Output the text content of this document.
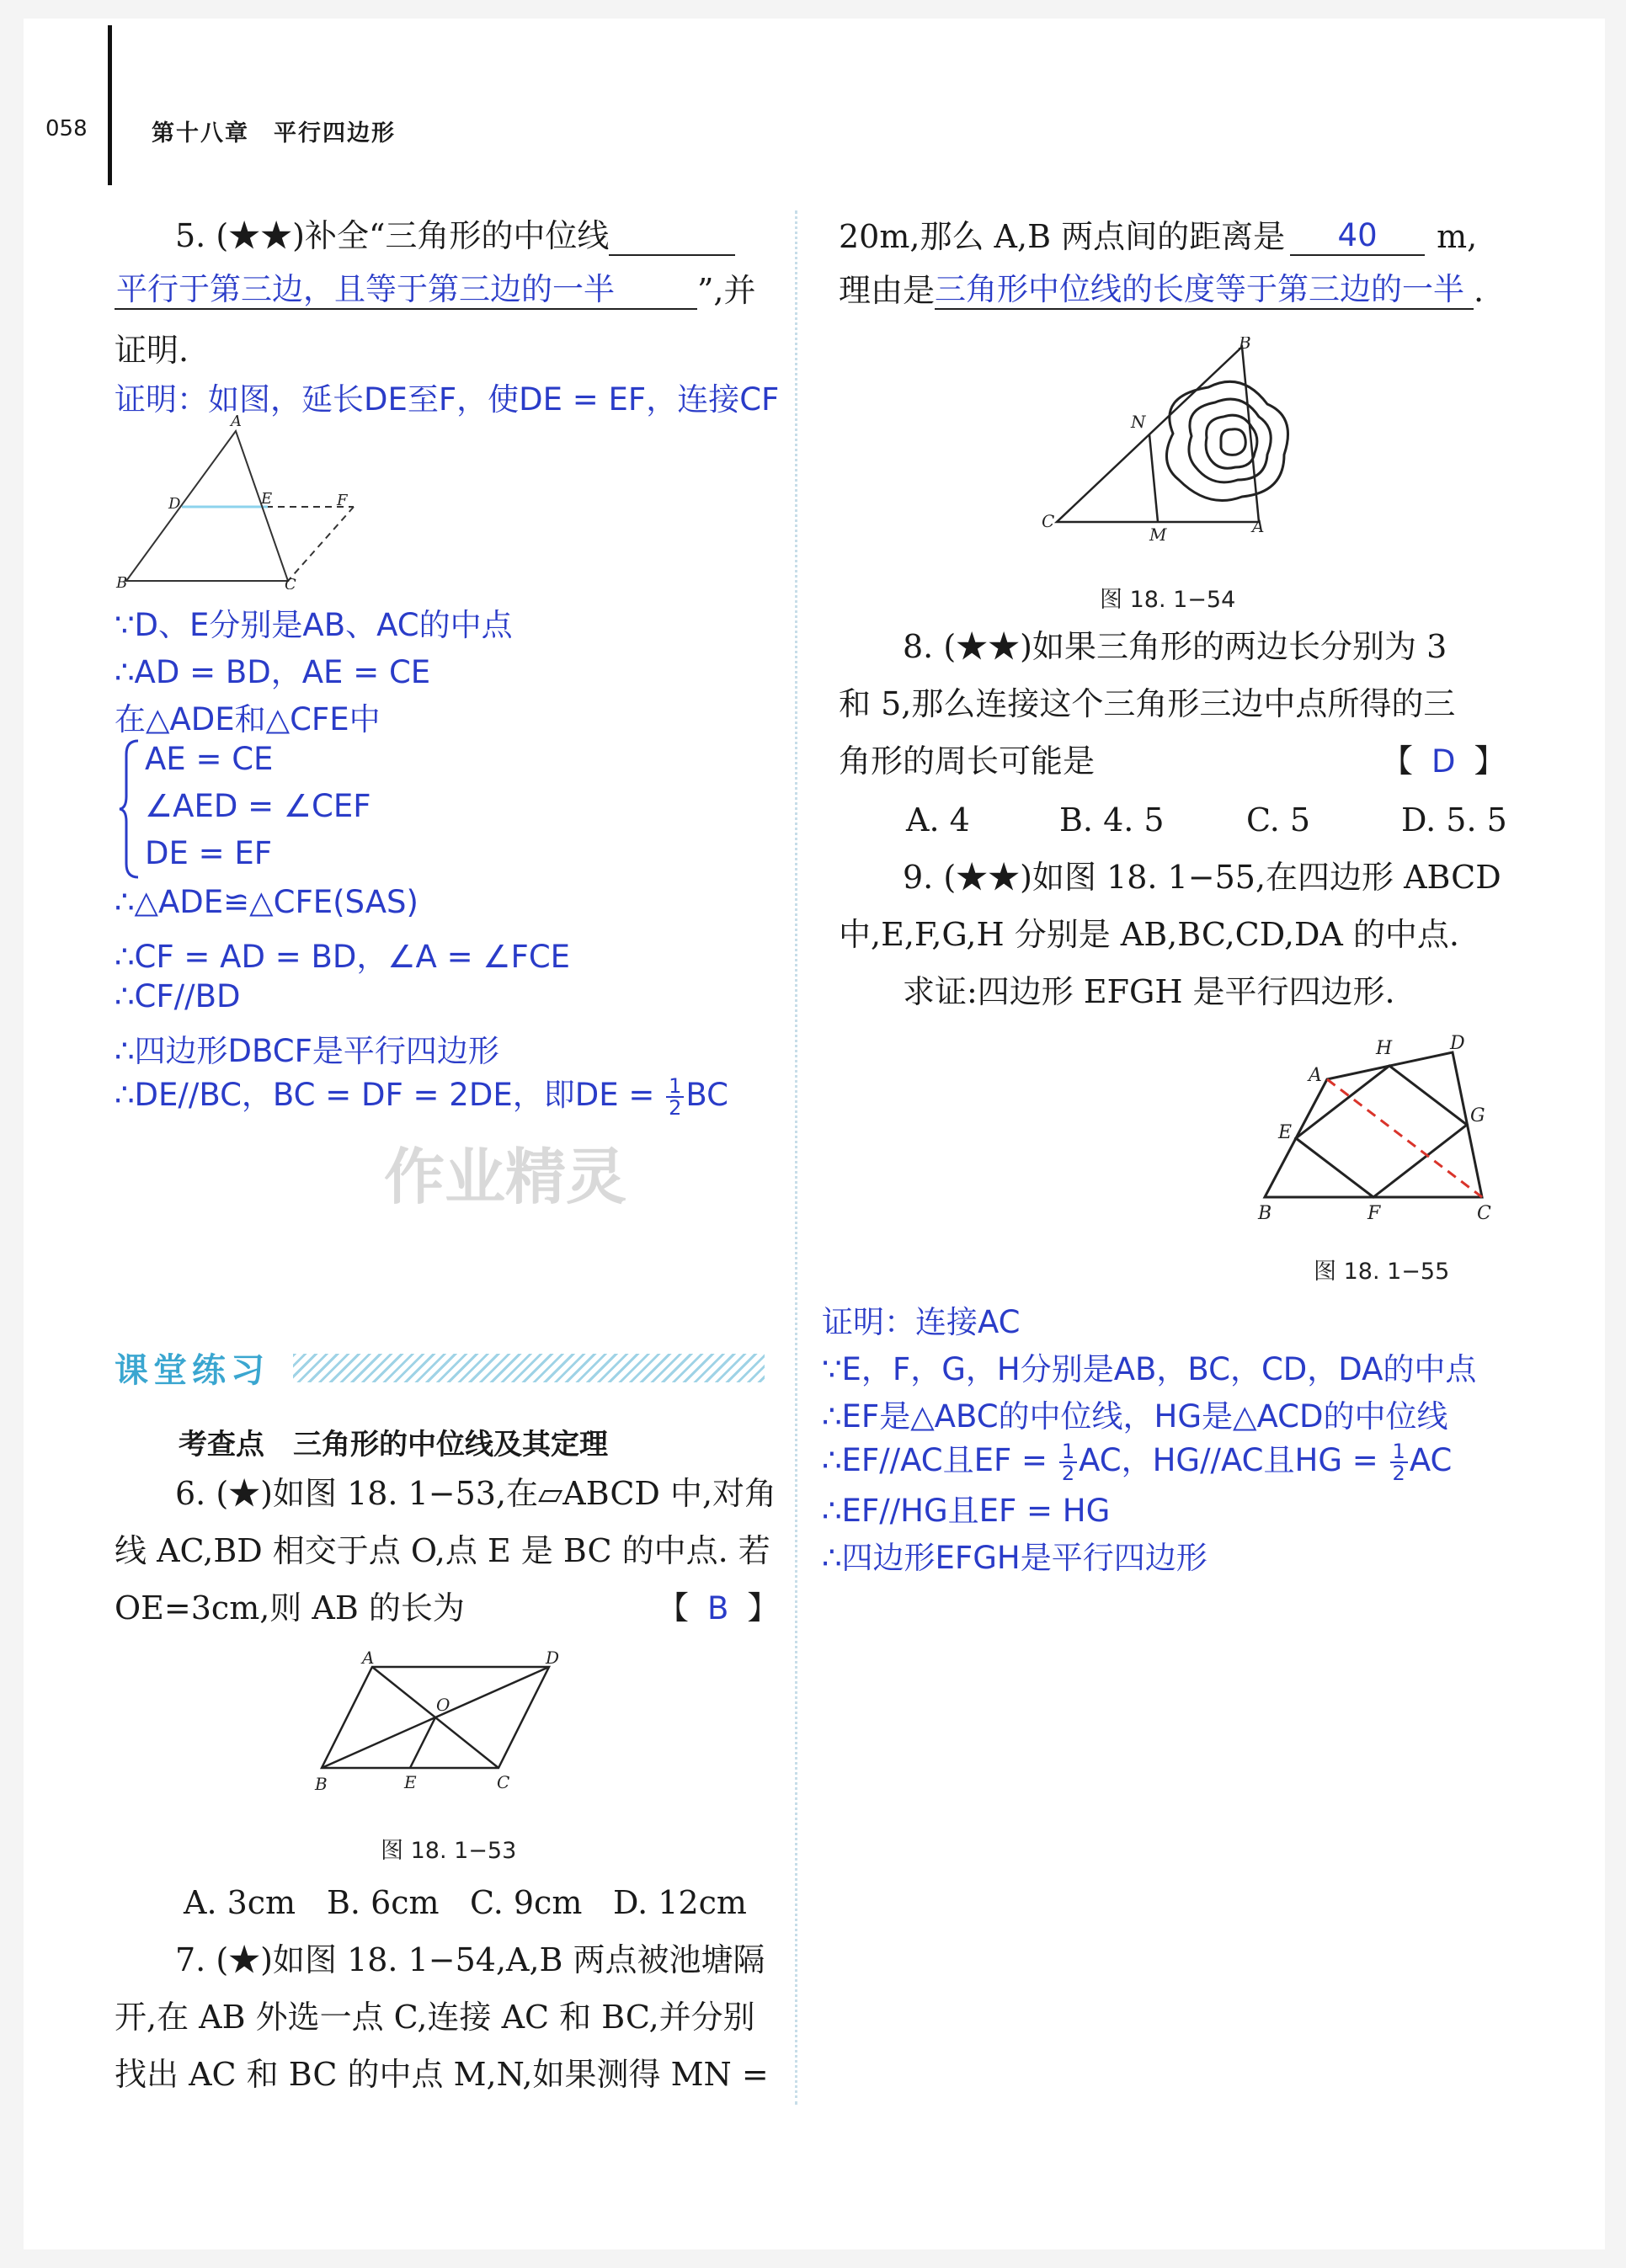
058	第十八章　平行四边形
5. (★★)补全“三角形的中位线
平行于第三边，且等于第三边的一半	”,并
证明.
证明：如图，延长DE至F，使DE = EF，连接CF
A
D	E	F
B	C
∵D、E分别是AB、AC的中点
∴AD = BD，AE = CE
在△ADE和△CFE中
AE = CE
∠AED = ∠CEF
DE = EF
∴△ADE≌△CFE(SAS)
∴CF = AD = BD，∠A = ∠FCE
∴CF//BD
∴四边形DBCF是平行四边形
∴DE//BC，BC = DF = 2DE，即DE = $\frac{1}{2}$ BC
作业精灵
课堂练习
考查点　三角形的中位线及其定理
6. (★)如图 18. 1−53,在▱ABCD 中,对角
线 AC,BD 相交于点 O,点 E 是 BC 的中点. 若
OE=3cm,则 AB 的长为	【 B 】
A	D
O
B	E	C
图 18. 1−53
A. 3cm B. 6cm C. 9cm D. 12cm
7. (★)如图 18. 1−54,A,B 两点被池塘隔
开,在 AB 外选一点 C,连接 AC 和 BC,并分别
找出 AC 和 BC 的中点 M,N,如果测得 MN =
20m,那么 A,B 两点间的距离是 40 m,
理由是三角形中位线的长度等于第三边的一半 .
B
N
C
M	A
图 18. 1−54
8. (★★)如果三角形的两边长分别为 3
和 5,那么连接这个三角形三边中点所得的三
角形的周长可能是	【 D 】
A. 4	B. 4. 5	C. 5	D. 5. 5
9. (★★)如图 18. 1−55,在四边形 ABCD
中,E,F,G,H 分别是 AB,BC,CD,DA 的中点.
求证:四边形 EFGH 是平行四边形.
A
H	D
E
G
B	F	C
图 18. 1−55
证明：连接AC
∵E，F，G，H分别是AB，BC，CD，DA的中点
∴EF是△ABC的中位线，HG是△ACD的中位线
∴EF//AC且EF = $\frac{1}{2}$ AC，HG//AC且HG = $\frac{1}{2}$ AC
∴EF//HG且EF = HG
∴四边形EFGH是平行四边形
